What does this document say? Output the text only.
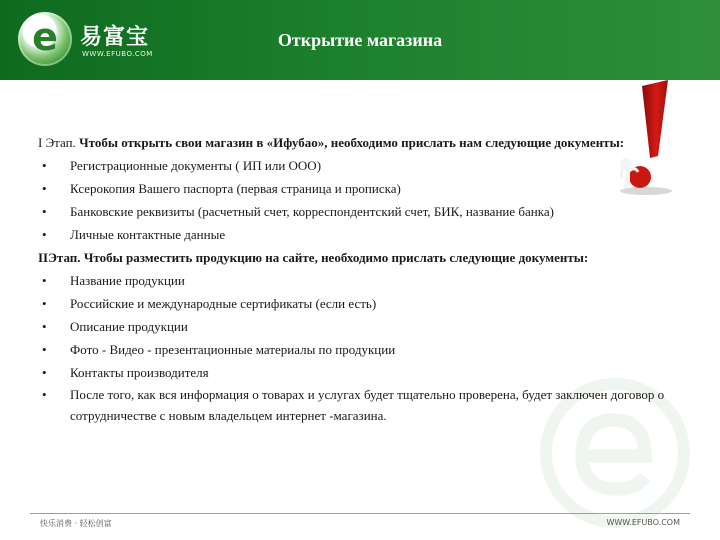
e 易富宝
WWW.EFUBO.COM
Открытие магазина
I Этап. Чтобы открыть свои магазин в «Ифубао», необходимо прислать нам следующие документы:
• Регистрационные документы ( ИП или ООО)
• Ксерокопия Вашего паспорта (первая страница и прописка)
• Банковские реквизиты (расчетный счет, корреспондентский счет, БИК, название банка)
• Личные контактные данные
IIЭтап. Чтобы разместить продукцию на сайте, необходимо прислать следующие документы:
• Название продукции
• Российские и международные сертификаты (если есть)
• Описание продукции
• Фото - Видео - презентационные материалы по продукции
• Контакты производителя
• После того, как вся информация о товарах и услугах будет тщательно проверена, будет заключен договор о сотрудничестве с новым владельцем интернет -магазина.
快乐消费 · 轻松创富	WWW.EFUBO.COM
